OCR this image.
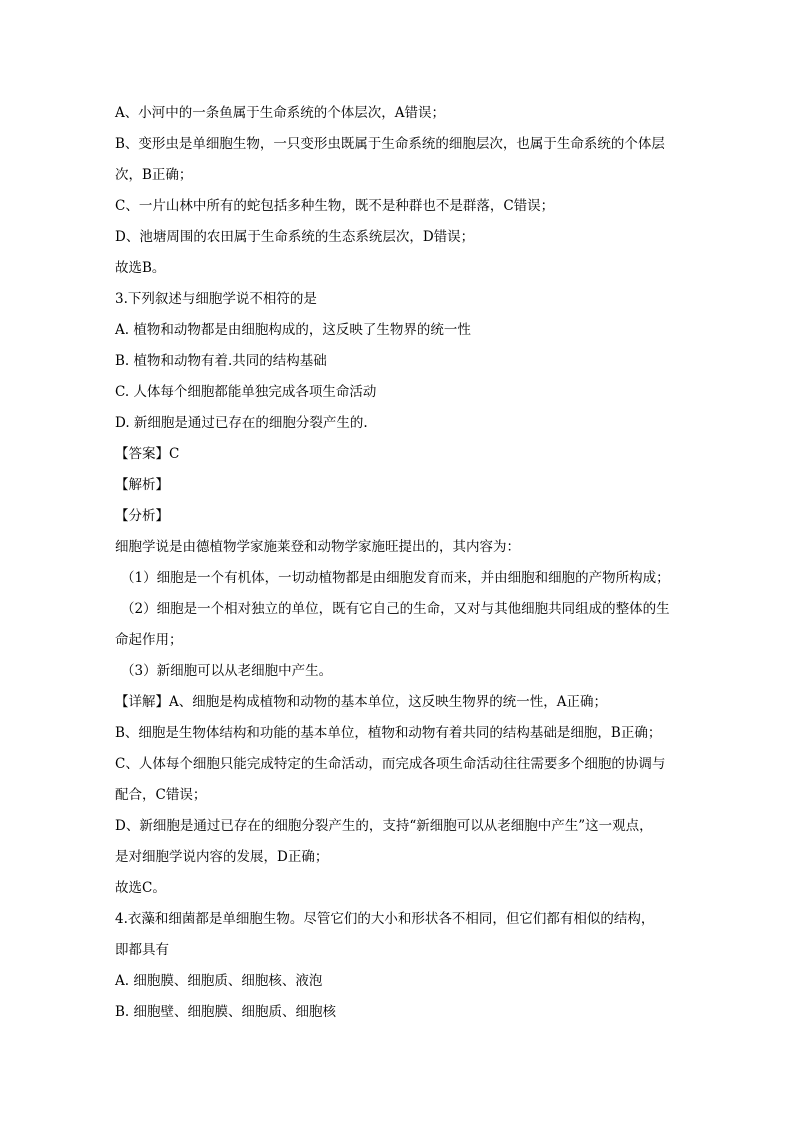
A、小河中的一条鱼属于生命系统的个体层次，A错误；
B、变形虫是单细胞生物，一只变形虫既属于生命系统的细胞层次，也属于生命系统的个体层
次，B正确；
C、一片山林中所有的蛇包括多种生物，既不是种群也不是群落，C错误；
D、池塘周围的农田属于生命系统的生态系统层次，D错误；
故选B。
3.下列叙述与细胞学说不相符的是
A. 植物和动物都是由细胞构成的，这反映了生物界的统一性
B. 植物和动物有着.共同的结构基础
C. 人体每个细胞都能单独完成各项生命活动
D. 新细胞是通过已存在的细胞分裂产生的.
【答案】C
【解析】
【分析】
细胞学说是由德植物学家施莱登和动物学家施旺提出的，其内容为：
（1）细胞是一个有机体，一切动植物都是由细胞发育而来，并由细胞和细胞的产物所构成；
（2）细胞是一个相对独立的单位，既有它自己的生命，又对与其他细胞共同组成的整体的生
命起作用；
（3）新细胞可以从老细胞中产生。
【详解】A、细胞是构成植物和动物的基本单位，这反映生物界的统一性，A正确；
B、细胞是生物体结构和功能的基本单位，植物和动物有着共同的结构基础是细胞，B正确；
C、人体每个细胞只能完成特定的生命活动，而完成各项生命活动往往需要多个细胞的协调与
配合，C错误；
D、新细胞是通过已存在的细胞分裂产生的，支持“新细胞可以从老细胞中产生”这一观点，
是对细胞学说内容的发展，D正确；
故选C。
4.衣藻和细菌都是单细胞生物。尽管它们的大小和形状各不相同，但它们都有相似的结构，
即都具有
A. 细胞膜、细胞质、细胞核、液泡
B. 细胞壁、细胞膜、细胞质、细胞核
